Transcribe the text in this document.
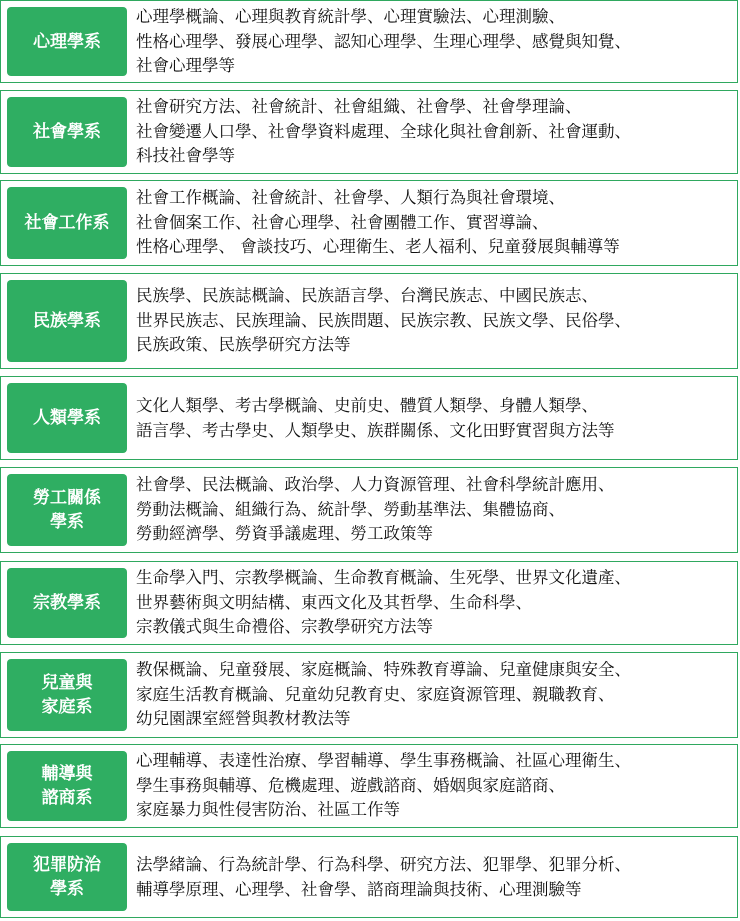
心理學系
心理學概論、心理與教育統計學、心理實驗法、心理測驗、
性格心理學、發展心理學、認知心理學、生理心理學、感覺與知覺、
社會心理學等
社會學系
社會研究方法、社會統計、社會組織、社會學、社會學理論、
社會變遷人口學、社會學資料處理、全球化與社會創新、社會運動、
科技社會學等
社會工作系
社會工作概論、社會統計、社會學、人類行為與社會環境、
社會個案工作、社會心理學、社會團體工作、實習導論、
性格心理學、 會談技巧、心理衛生、老人福利、兒童發展與輔導等
民族學系
民族學、民族誌概論、民族語言學、台灣民族志、中國民族志、
世界民族志、民族理論、民族問題、民族宗教、民族文學、民俗學、
民族政策、民族學研究方法等
人類學系
文化人類學、考古學概論、史前史、體質人類學、身體人類學、
語言學、考古學史、人類學史、族群關係、文化田野實習與方法等
勞工關係
學系
社會學、民法概論、政治學、人力資源管理、社會科學統計應用、
勞動法概論、組織行為、統計學、勞動基準法、集體協商、
勞動經濟學、勞資爭議處理、勞工政策等
宗教學系
生命學入門、宗教學概論、生命教育概論、生死學、世界文化遺產、
世界藝術與文明結構、東西文化及其哲學、生命科學、
宗教儀式與生命禮俗、宗教學研究方法等
兒童與
家庭系
教保概論、兒童發展、家庭概論、特殊教育導論、兒童健康與安全、
家庭生活教育概論、兒童幼兒教育史、家庭資源管理、親職教育、
幼兒園課室經營與教材教法等
輔導與
諮商系
心理輔導、表達性治療、學習輔導、學生事務概論、社區心理衛生、
學生事務與輔導、危機處理、遊戲諮商、婚姻與家庭諮商、
家庭暴力與性侵害防治、社區工作等
犯罪防治
學系
法學緒論、行為統計學、行為科學、研究方法、犯罪學、犯罪分析、
輔導學原理、心理學、社會學、諮商理論與技術、心理測驗等
